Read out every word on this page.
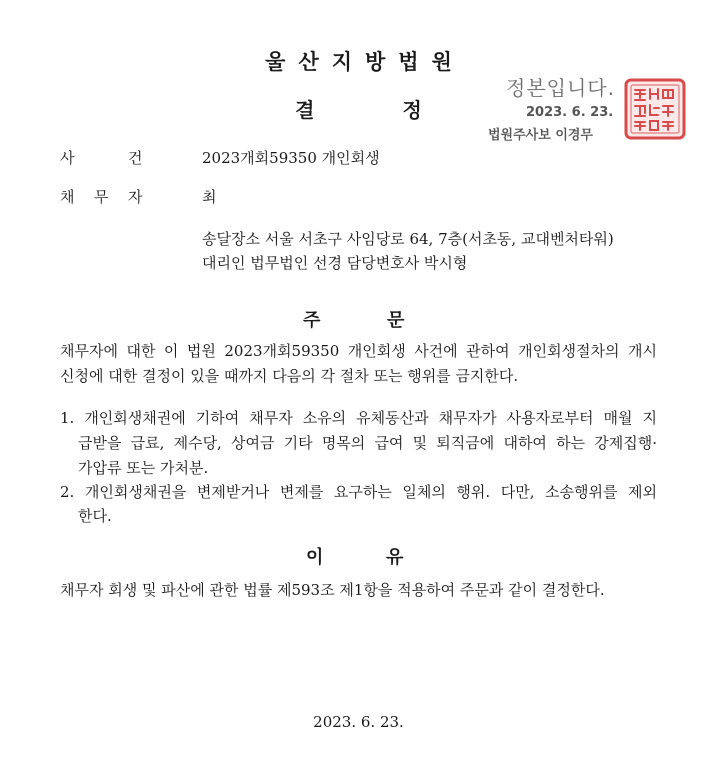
울산지방법원
결	정
정본입니다.
2023. 6. 23.
법원주사보 이경무
사	건	2023개회59350 개인회생
채 무 자	최
송달장소 서울 서초구 사임당로 64, 7층(서초동, 교대벤처타워)
대리인 법무법인 선경 담당변호사 박시형
주	문
채무자에 대한 이 법원 2023개회59350 개인회생 사건에 관하여 개인회생절차의 개시
신청에 대한 결정이 있을 때까지 다음의 각 절차 또는 행위를 금지한다.
1. 개인회생채권에 기하여 채무자 소유의 유체동산과 채무자가 사용자로부터 매월 지
급받을 급료, 제수당, 상여금 기타 명목의 급여 및 퇴직금에 대하여 하는 강제집행·
가압류 또는 가처분.
2. 개인회생채권을 변제받거나 변제를 요구하는 일체의 행위. 다만, 소송행위를 제외
한다.
이	유
채무자 회생 및 파산에 관한 법률 제593조 제1항을 적용하여 주문과 같이 결정한다.
2023. 6. 23.
